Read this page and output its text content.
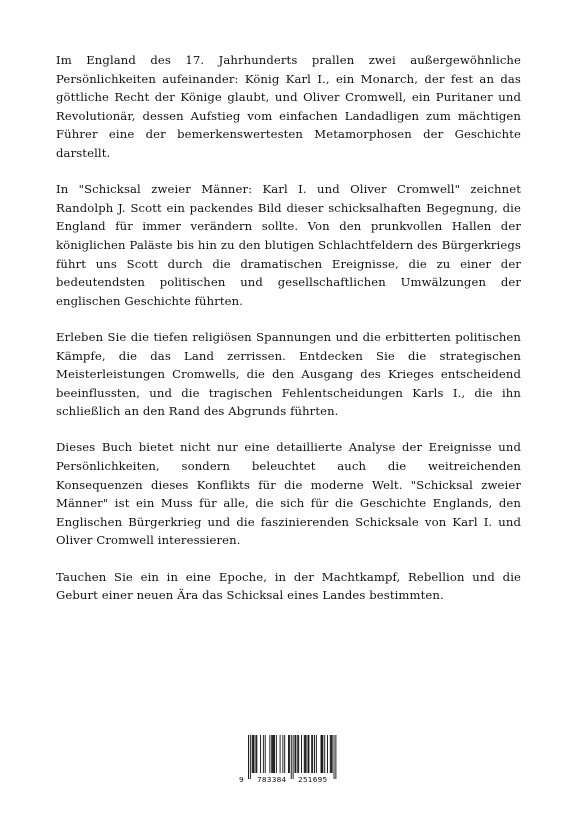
Im England des 17. Jahrhunderts prallen zwei außergewöhnliche Persönlichkeiten aufeinander: König Karl I., ein Monarch, der fest an das göttliche Recht der Könige glaubt, und Oliver Cromwell, ein Puritaner und Revolutionär, dessen Aufstieg vom einfachen Landadligen zum mächtigen Führer eine der bemerkenswertesten Metamorphosen der Geschichte darstellt.

In "Schicksal zweier Männer: Karl I. und Oliver Cromwell" zeichnet Randolph J. Scott ein packendes Bild dieser schicksalhaften Begegnung, die England für immer verändern sollte. Von den prunkvollen Hallen der königlichen Paläste bis hin zu den blutigen Schlachtfeldern des Bürgerkriegs führt uns Scott durch die dramatischen Ereignisse, die zu einer der bedeutendsten politischen und gesellschaftlichen Umwälzungen der englischen Geschichte führten.

Erleben Sie die tiefen religiösen Spannungen und die erbitterten politischen Kämpfe, die das Land zerrissen. Entdecken Sie die strategischen Meisterleistungen Cromwells, die den Ausgang des Krieges entscheidend beeinflussten, und die tragischen Fehlentscheidungen Karls I., die ihn schließlich an den Rand des Abgrunds führten.

Dieses Buch bietet nicht nur eine detaillierte Analyse der Ereignisse und Persönlichkeiten, sondern beleuchtet auch die weitreichenden Konsequenzen dieses Konflikts für die moderne Welt. "Schicksal zweier Männer" ist ein Muss für alle, die sich für die Geschichte Englands, den Englischen Bürgerkrieg und die faszinierenden Schicksale von Karl I. und Oliver Cromwell interessieren.

Tauchen Sie ein in eine Epoche, in der Machtkampf, Rebellion und die Geburt einer neuen Ära das Schicksal eines Landes bestimmten.

9 783384 251695
